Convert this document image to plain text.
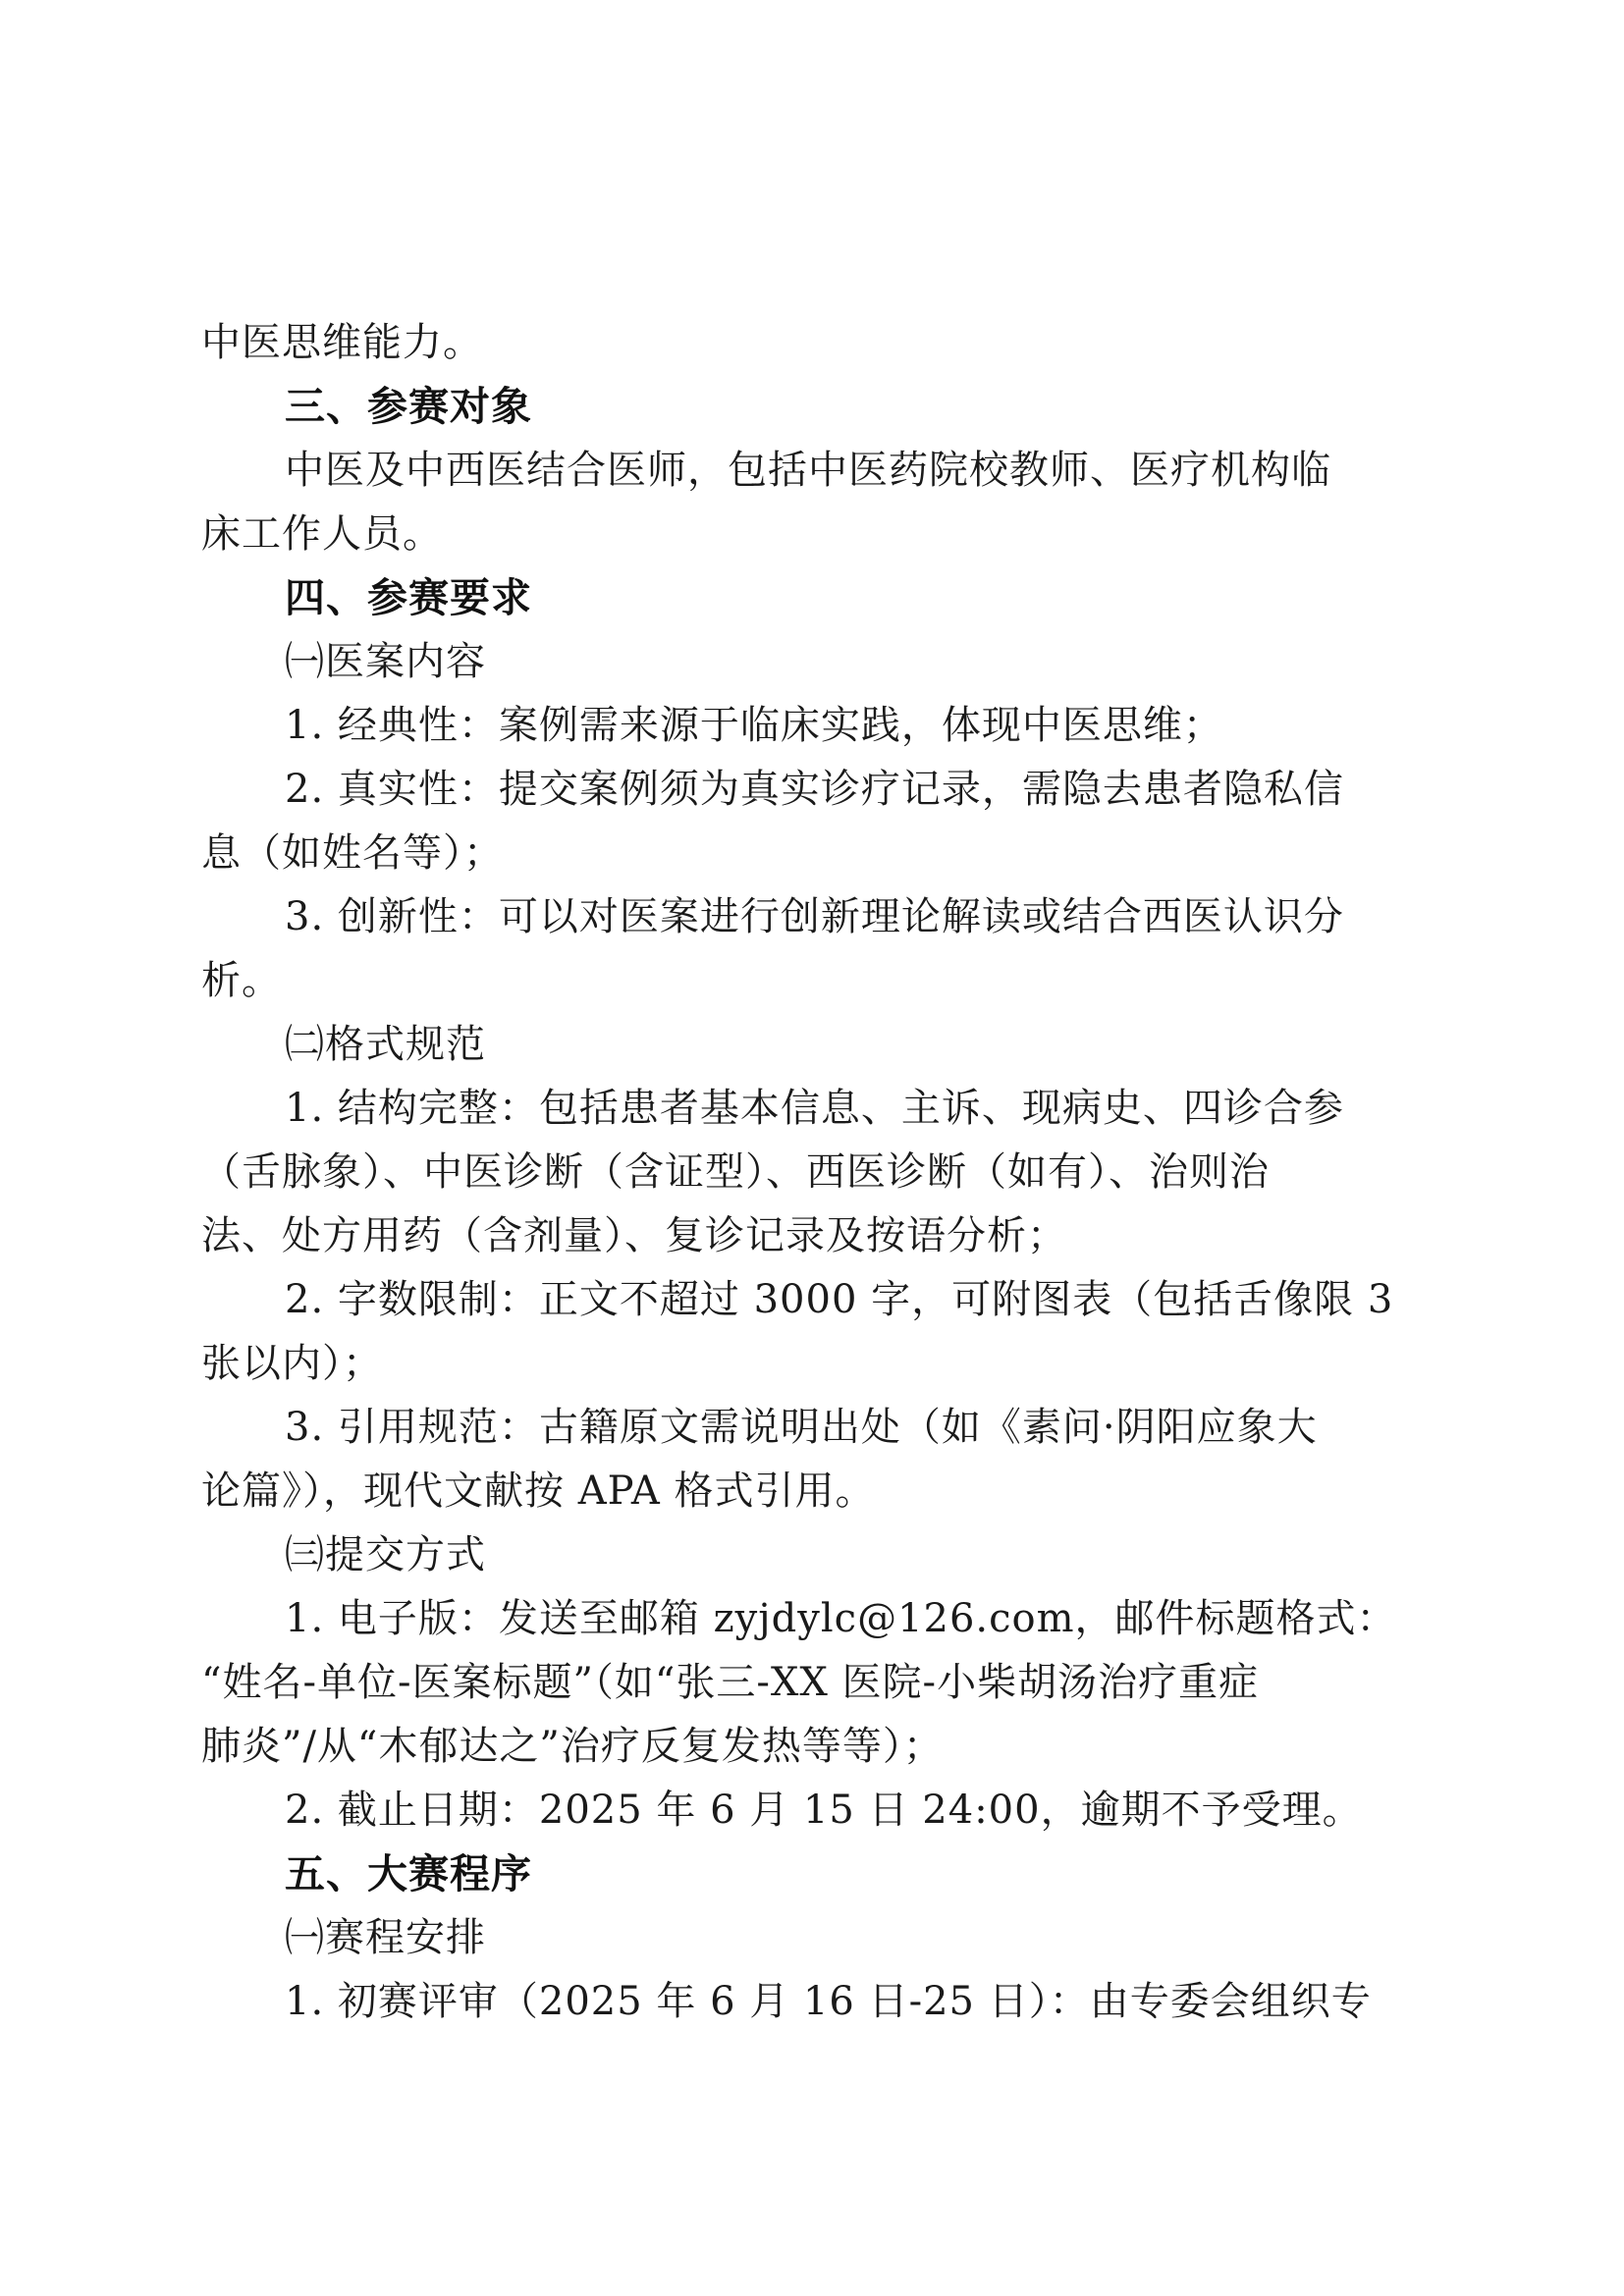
中医思维能力。
三、参赛对象
中医及中西医结合医师，包括中医药院校教师、医疗机构临
床工作人员。
四、参赛要求
㈠医案内容
1. 经典性：案例需来源于临床实践，体现中医思维；
2. 真实性：提交案例须为真实诊疗记录，需隐去患者隐私信
息（如姓名等）；
3. 创新性：可以对医案进行创新理论解读或结合西医认识分
析。
㈡格式规范
1. 结构完整：包括患者基本信息、主诉、现病史、四诊合参
（舌脉象）、中医诊断（含证型）、西医诊断（如有）、治则治
法、处方用药（含剂量）、复诊记录及按语分析；
2. 字数限制：正文不超过 3000 字，可附图表（包括舌像限 3
张以内）；
3. 引用规范：古籍原文需说明出处（如《素问·阴阳应象大
论篇》），现代文献按 APA 格式引用。
㈢提交方式
1. 电子版：发送至邮箱 zyjdylc@126.com，邮件标题格式：
“姓名-单位-医案标题”（如“张三-XX 医院-小柴胡汤治疗重症
肺炎”/从“木郁达之”治疗反复发热等等）；
2. 截止日期：2025 年 6 月 15 日 24:00，逾期不予受理。
五、大赛程序
㈠赛程安排
1. 初赛评审（2025 年 6 月 16 日-25 日）：由专委会组织专
